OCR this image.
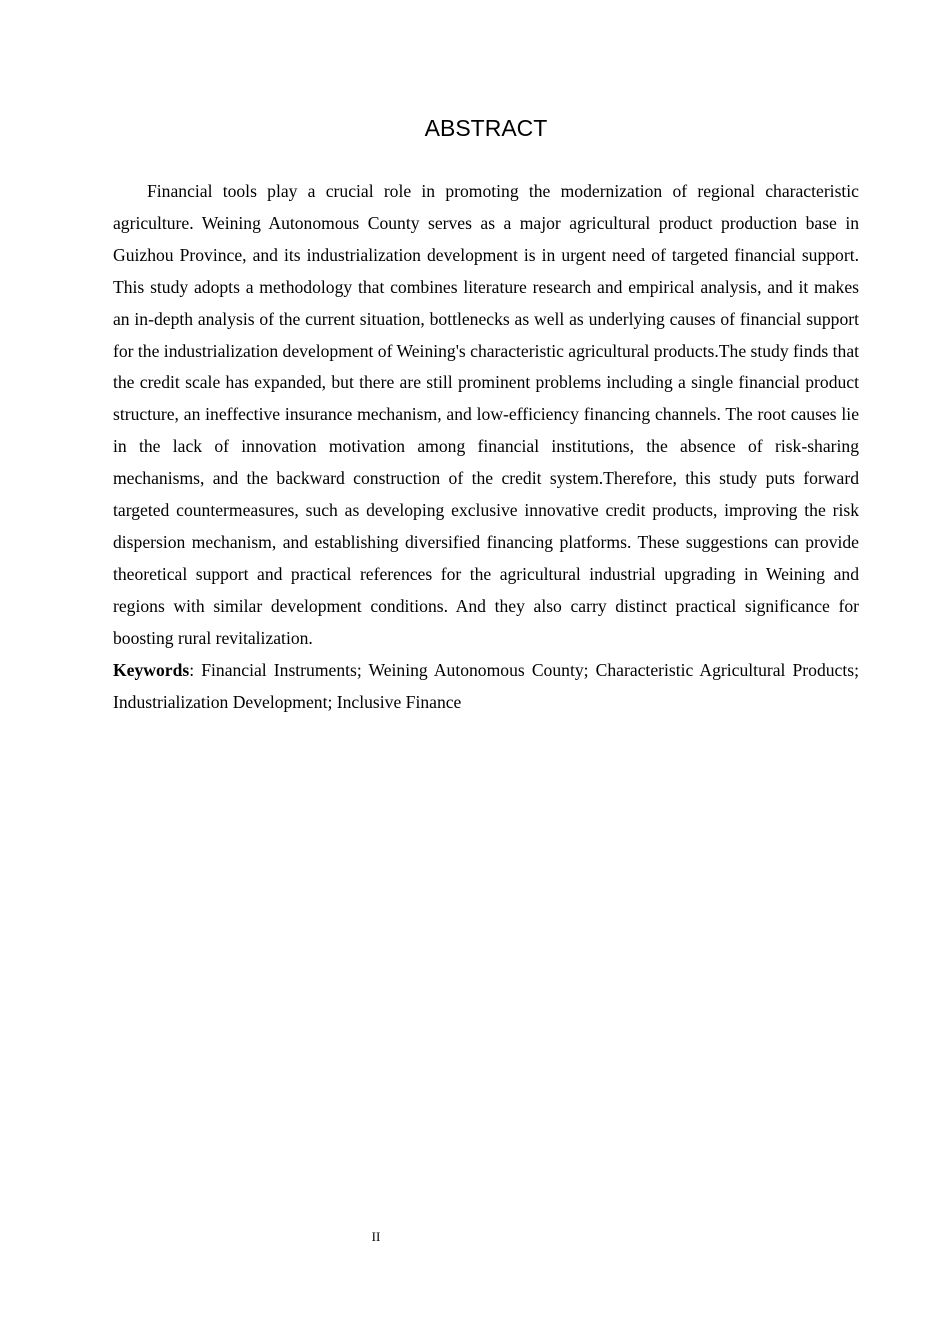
ABSTRACT

Financial tools play a crucial role in promoting the modernization of regional characteristic agriculture. Weining Autonomous County serves as a major agricultural product production base in Guizhou Province, and its industrialization development is in urgent need of targeted financial support. This study adopts a methodology that combines literature research and empirical analysis, and it makes an in-depth analysis of the current situation, bottlenecks as well as underlying causes of financial support for the industrialization development of Weining's characteristic agricultural products.The study finds that the credit scale has expanded, but there are still prominent problems including a single financial product structure, an ineffective insurance mechanism, and low-efficiency financing channels. The root causes lie in the lack of innovation motivation among financial institutions, the absence of risk-sharing mechanisms, and the backward construction of the credit system.Therefore, this study puts forward targeted countermeasures, such as developing exclusive innovative credit products, improving the risk dispersion mechanism, and establishing diversified financing platforms. These suggestions can provide theoretical support and practical references for the agricultural industrial upgrading in Weining and regions with similar development conditions. And they also carry distinct practical significance for boosting rural revitalization.

Keywords: Financial Instruments; Weining Autonomous County; Characteristic Agricultural Products; Industrialization Development; Inclusive Finance

II
